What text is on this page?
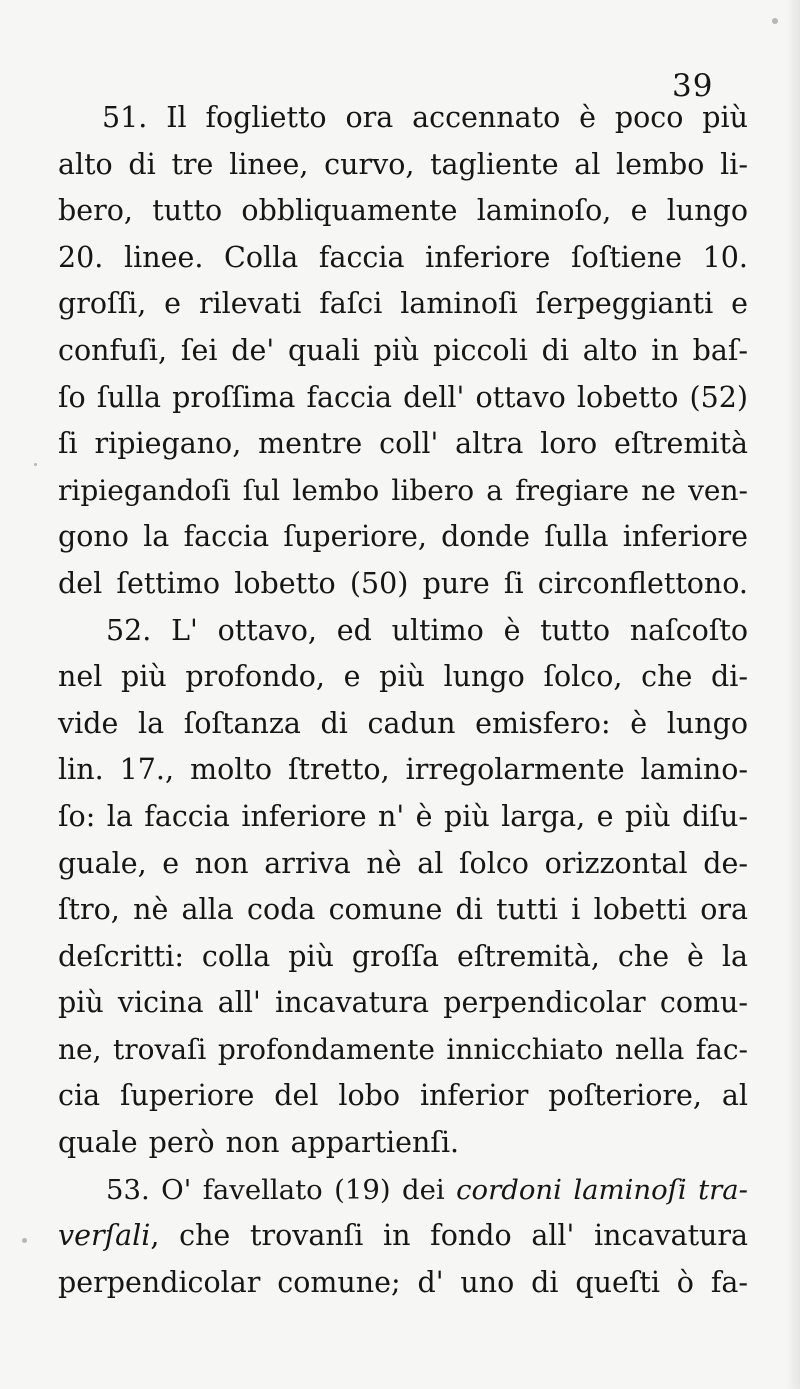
39

51. Il foglietto ora accennato è poco più
alto di tre linee, curvo, tagliente al lembo li-
bero, tutto obbliquamente laminoſo, e lungo
20. linee. Colla faccia inferiore ſoſtiene 10.
groſſi, e rilevati faſci laminoſi ſerpeggianti e
confuſi, ſei de' quali più piccoli di alto in baſ-
ſo ſulla proſſima faccia dell' ottavo lobetto (52)
ſi ripiegano, mentre coll' altra loro eſtremità
ripiegandoſi ſul lembo libero a fregiare ne ven-
gono la faccia ſuperiore, donde ſulla inferiore
del ſettimo lobetto (50) pure ſi circonflettono.
52. L' ottavo, ed ultimo è tutto naſcoſto
nel più profondo, e più lungo ſolco, che di-
vide la ſoſtanza di cadun emisfero: è lungo
lin. 17., molto ſtretto, irregolarmente lamino-
ſo: la faccia inferiore n' è più larga, e più diſu-
guale, e non arriva nè al ſolco orizzontal de-
ſtro, nè alla coda comune di tutti i lobetti ora
deſcritti: colla più groſſa eſtremità, che è la
più vicina all' incavatura perpendicolar comu-
ne, trovaſi profondamente innicchiato nella fac-
cia ſuperiore del lobo inferior poſteriore, al
quale però non appartienſi.
53. O' favellato (19) dei cordoni laminoſi tra-
verſali, che trovanſi in fondo all' incavatura
perpendicolar comune; d' uno di queſti ò fa-
